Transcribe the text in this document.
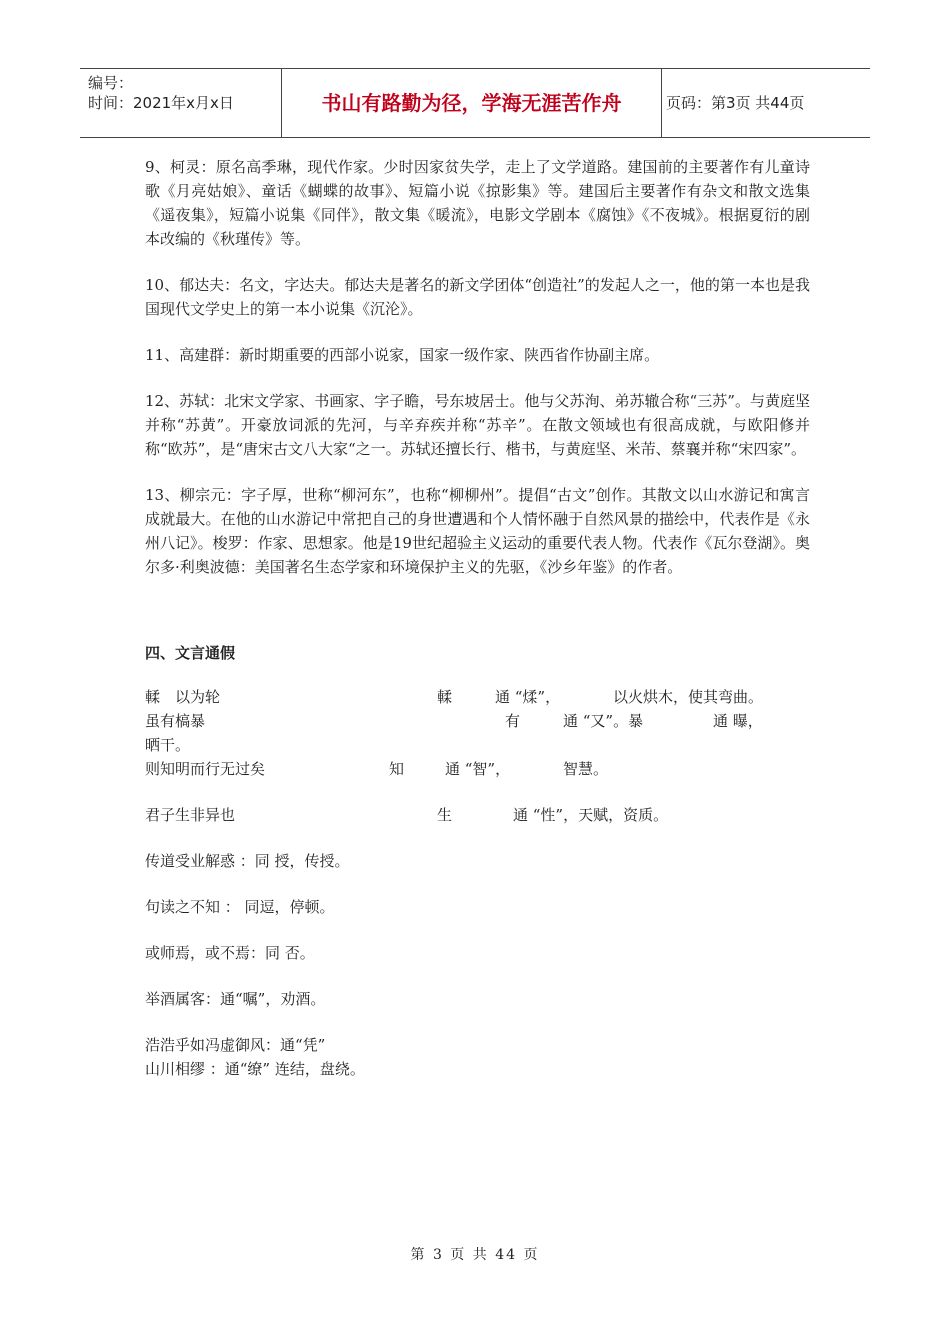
编号：
时间：2021年x月x日	书山有路勤为径，学海无涯苦作舟	页码：第3页 共44页

9、柯灵：原名高季琳，现代作家。少时因家贫失学，走上了文学道路。建国前的主要著作有儿童诗歌《月亮姑娘》、童话《蝴蝶的故事》、短篇小说《掠影集》等。建国后主要著作有杂文和散文选集《遥夜集》，短篇小说集《同伴》，散文集《暖流》，电影文学剧本《腐蚀》《不夜城》。根据夏衍的剧本改编的《秋瑾传》等。

10、郁达夫：名文，字达夫。郁达夫是著名的新文学团体“创造社”的发起人之一，他的第一本也是我国现代文学史上的第一本小说集《沉沦》。

11、高建群：新时期重要的西部小说家，国家一级作家、陕西省作协副主席。

12、苏轼：北宋文学家、书画家、字子瞻，号东坡居士。他与父苏洵、弟苏辙合称“三苏”。与黄庭坚并称“苏黄”。开豪放词派的先河，与辛弃疾并称“苏辛”。在散文领域也有很高成就，与欧阳修并称“欧苏”，是“唐宋古文八大家“之一。苏轼还擅长行、楷书，与黄庭坚、米芾、蔡襄并称“宋四家”。

13、柳宗元：字子厚，世称“柳河东”，也称“柳柳州”。提倡“古文”创作。其散文以山水游记和寓言成就最大。在他的山水游记中常把自己的身世遭遇和个人情怀融于自然风景的描绘中，代表作是《永州八记》。梭罗：作家、思想家。他是19世纪超验主义运动的重要代表人物。代表作《瓦尔登湖》。奥尔多·利奥波德：美国著名生态学家和环境保护主义的先驱，《沙乡年鉴》的作者。

四、文言通假
輮　以为轮	輮	通 “煣”，	以火烘木，使其弯曲。
虽有槁暴	有	通 “又”。暴	通 曝，
晒干。
则知明而行无过矣	知	通 “智”，	智慧。
君子生非异也	生	通 “性”，天赋，资质。
传道受业解惑 ：同 授，传授。
句读之不知 ： 同逗，停顿。
或师焉，或不焉：同 否。
举酒属客：通“嘱”，劝酒。
浩浩乎如冯虚御风：通“凭”
山川相缪 ：通“缭” 连结，盘绕。
第 3 页 共 44 页
